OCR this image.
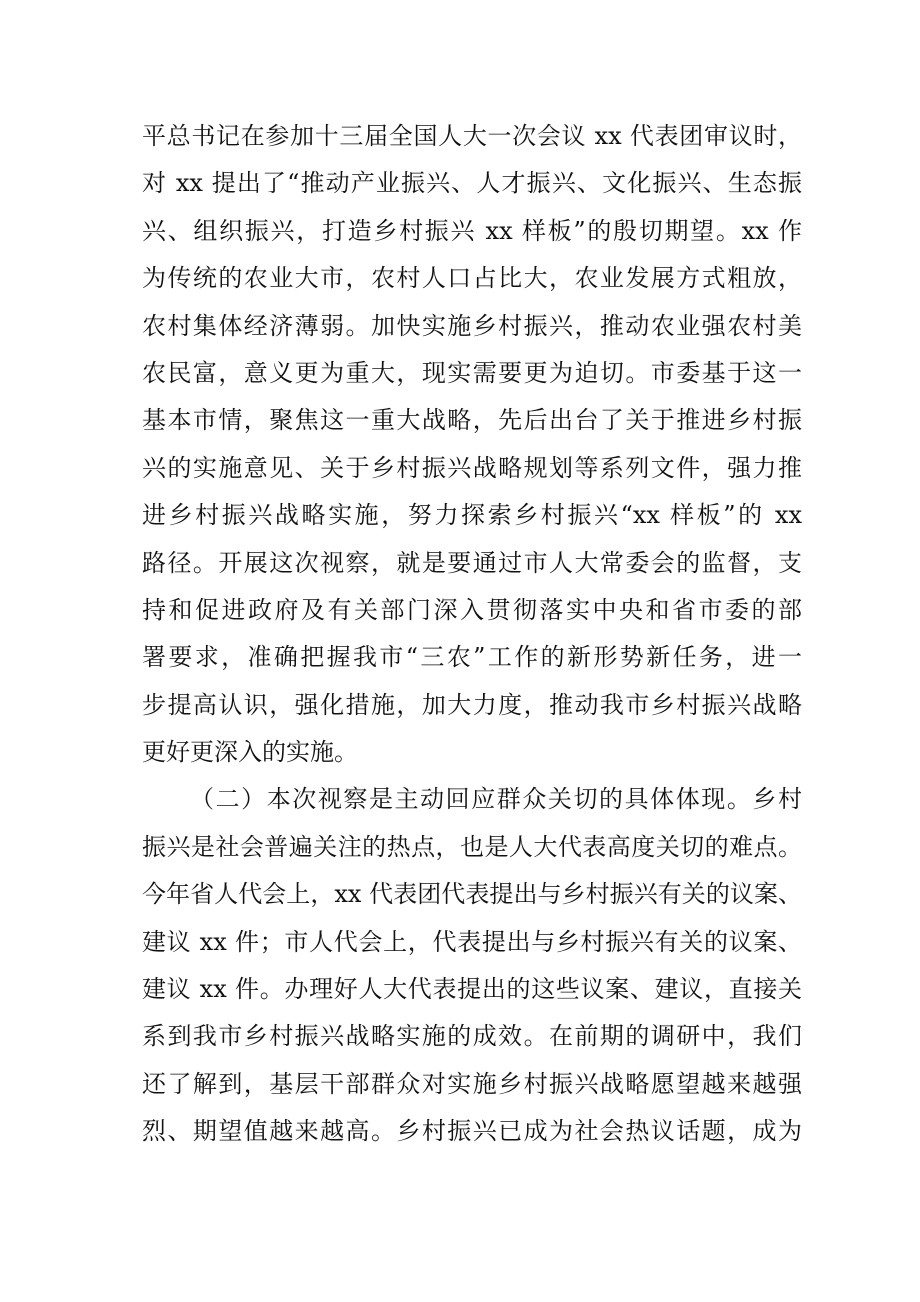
平总书记在参加十三届全国人大一次会议 xx 代表团审议时，
对 xx 提出了“推动产业振兴、人才振兴、文化振兴、生态振
兴、组织振兴，打造乡村振兴 xx 样板”的殷切期望。xx 作
为传统的农业大市，农村人口占比大，农业发展方式粗放，
农村集体经济薄弱。加快实施乡村振兴，推动农业强农村美
农民富，意义更为重大，现实需要更为迫切。市委基于这一
基本市情，聚焦这一重大战略，先后出台了关于推进乡村振
兴的实施意见、关于乡村振兴战略规划等系列文件，强力推
进乡村振兴战略实施，努力探索乡村振兴“xx 样板”的 xx
路径。开展这次视察，就是要通过市人大常委会的监督，支
持和促进政府及有关部门深入贯彻落实中央和省市委的部
署要求，准确把握我市“三农”工作的新形势新任务，进一
步提高认识，强化措施，加大力度，推动我市乡村振兴战略
更好更深入的实施。
（二）本次视察是主动回应群众关切的具体体现。乡村
振兴是社会普遍关注的热点，也是人大代表高度关切的难点。
今年省人代会上，xx 代表团代表提出与乡村振兴有关的议案、
建议 xx 件；市人代会上，代表提出与乡村振兴有关的议案、
建议 xx 件。办理好人大代表提出的这些议案、建议，直接关
系到我市乡村振兴战略实施的成效。在前期的调研中，我们
还了解到，基层干部群众对实施乡村振兴战略愿望越来越强
烈、期望值越来越高。乡村振兴已成为社会热议话题，成为
